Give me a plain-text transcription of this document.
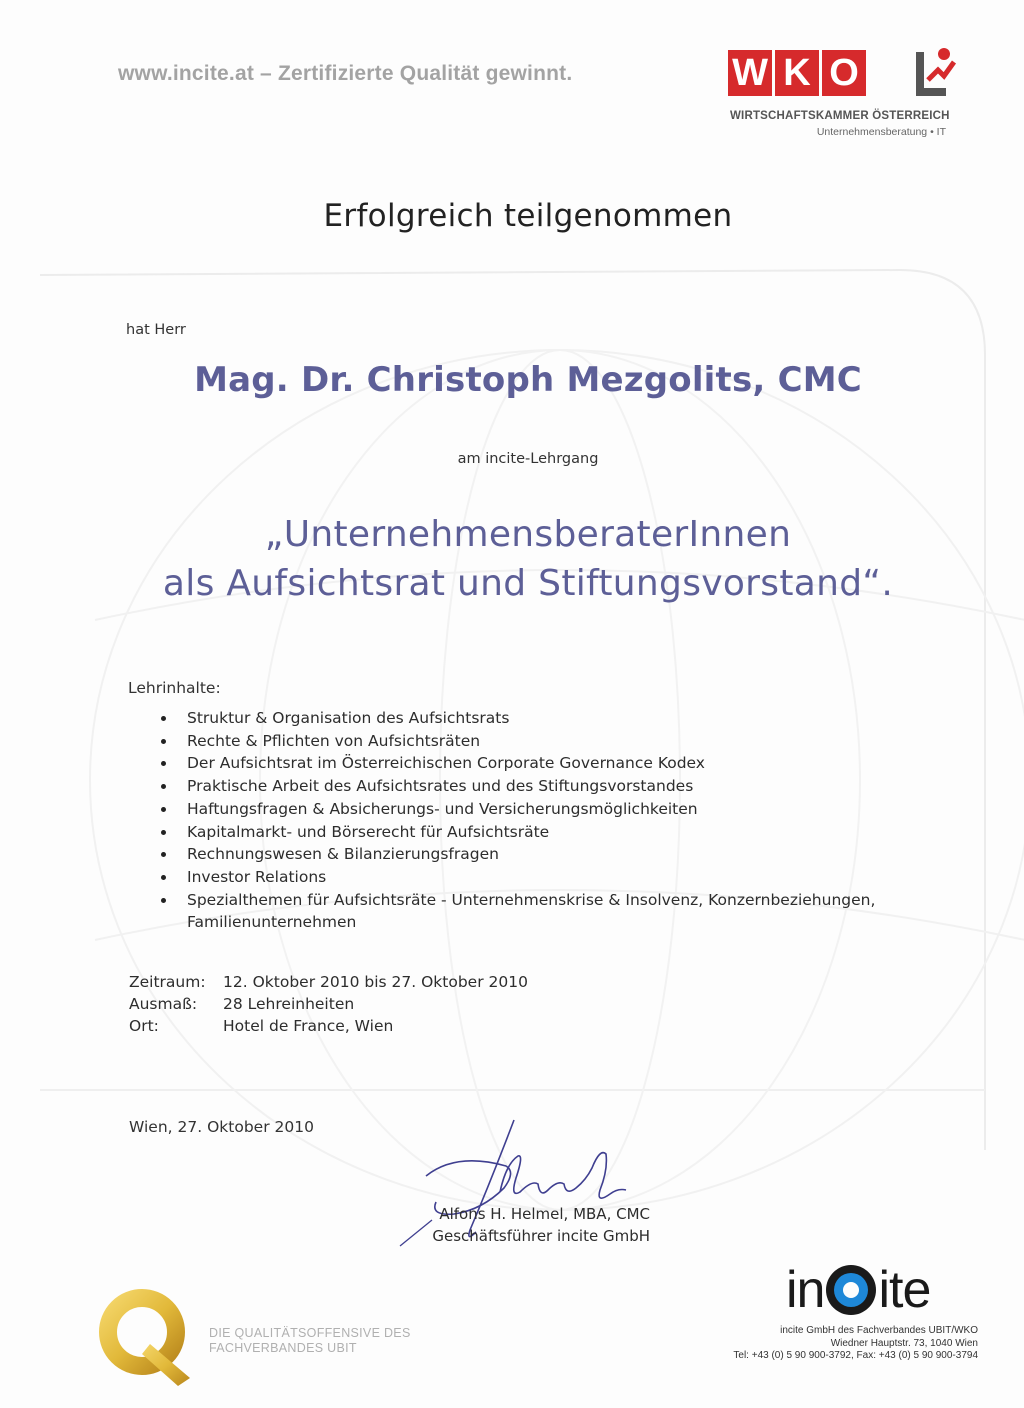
www.incite.at – Zertifizierte Qualität gewinnt.	W K O
WIRTSCHAFTSKAMMER ÖSTERREICH
Unternehmensberatung • IT
Erfolgreich teilgenommen
hat Herr
Mag. Dr. Christoph Mezgolits, CMC
am incite-Lehrgang
„UnternehmensberaterInnen
als Aufsichtsrat und Stiftungsvorstand“.
Lehrinhalte:
Struktur & Organisation des Aufsichtsrats
Rechte & Pflichten von Aufsichtsräten
Der Aufsichtsrat im Österreichischen Corporate Governance Kodex
Praktische Arbeit des Aufsichtsrates und des Stiftungsvorstandes
Haftungsfragen & Absicherungs- und Versicherungsmöglichkeiten
Kapitalmarkt- und Börserecht für Aufsichtsräte
Rechnungswesen & Bilanzierungsfragen
Investor Relations
Spezialthemen für Aufsichtsräte - Unternehmenskrise & Insolvenz, Konzernbeziehungen, Familienunternehmen
Zeitraum:	12. Oktober 2010 bis 27. Oktober 2010
Ausmaß:	28 Lehreinheiten
Ort:	Hotel de France, Wien
Wien, 27. Oktober 2010
Alfons H. Helmel, MBA, CMC
Geschäftsführer incite GmbH
DIE QUALITÄTSOFFENSIVE DES
FACHVERBANDES UBIT
in ite
incite GmbH des Fachverbandes UBIT/WKO
Wiedner Hauptstr. 73, 1040 Wien
Tel: +43 (0) 5 90 900-3792, Fax: +43 (0) 5 90 900-3794
